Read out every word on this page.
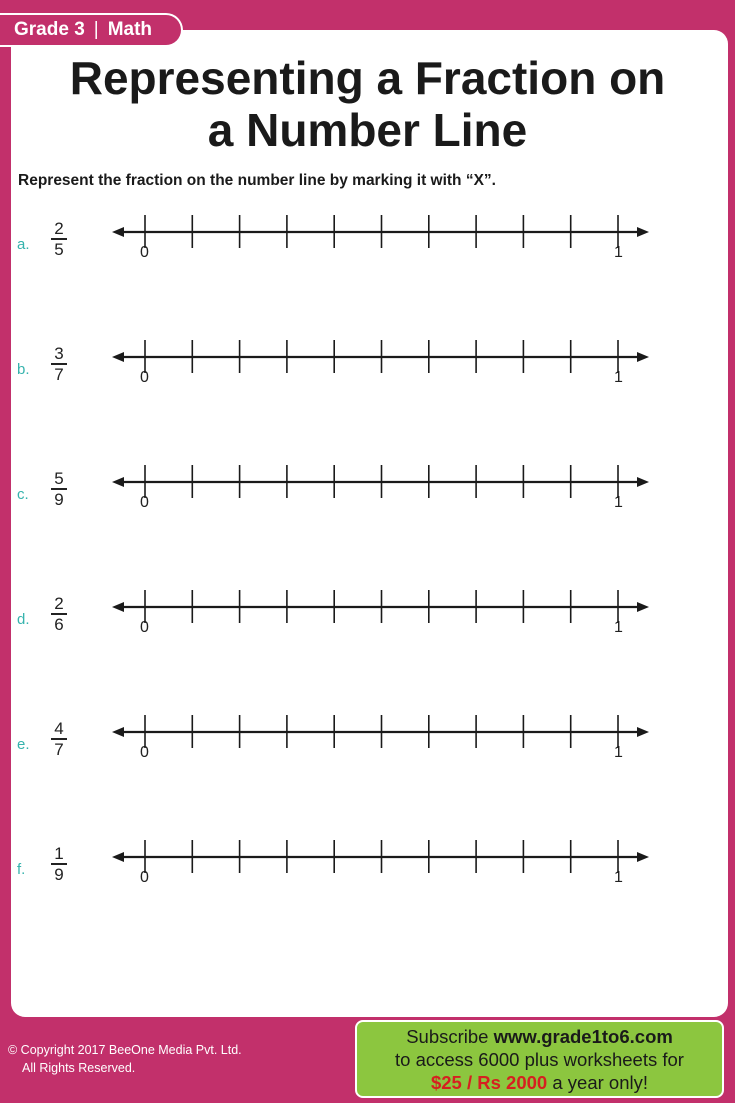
Grade 3 | Math
Representing a Fraction on
a Number Line
Represent the fraction on the number line by marking it with “X”.
a.
2
5	0	1
b.
3
7	0	1
c.
5
9	0	1
d.
2
6	0	1
e.
4
7	0	1
f.
1
9	0	1
© Copyright 2017 BeeOne Media Pvt. Ltd.
All Rights Reserved.
Subscribe www.grade1to6.com
to access 6000 plus worksheets for
$25 / Rs 2000 a year only!
